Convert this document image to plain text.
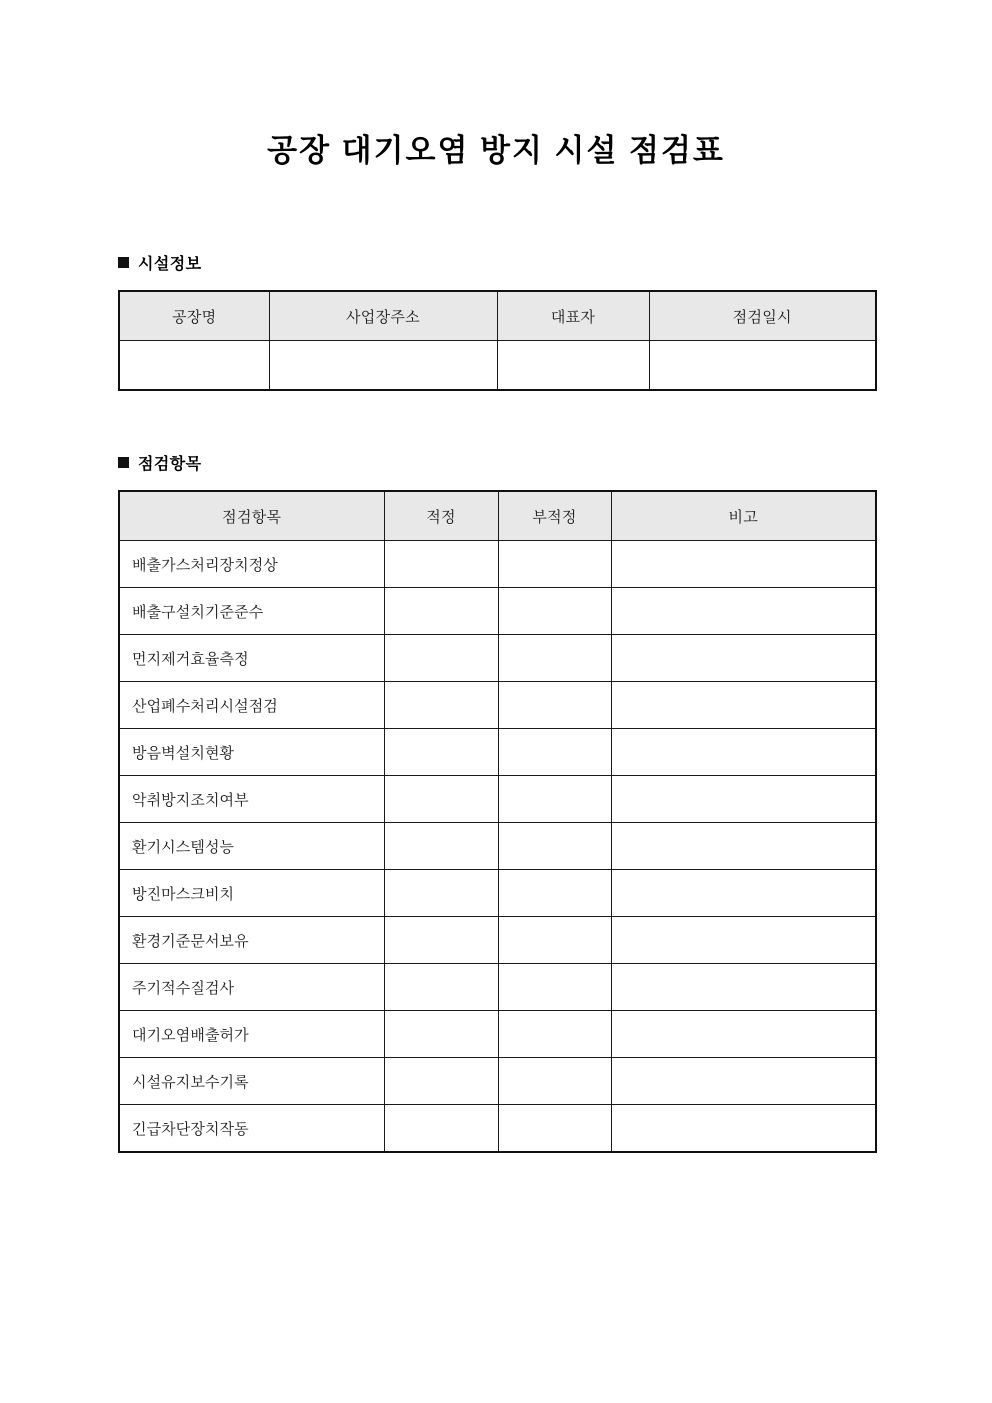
공장 대기오염 방지 시설 점검표
시설정보
공장명	사업장주소	대표자	점검일시

점검항목
점검항목	적정	부적정	비고
배출가스처리장치정상			
배출구설치기준준수			
먼지제거효율측정			
산업폐수처리시설점검			
방음벽설치현황			
악취방지조치여부			
환기시스템성능			
방진마스크비치			
환경기준문서보유			
주기적수질검사			
대기오염배출허가			
시설유지보수기록			
긴급차단장치작동			
